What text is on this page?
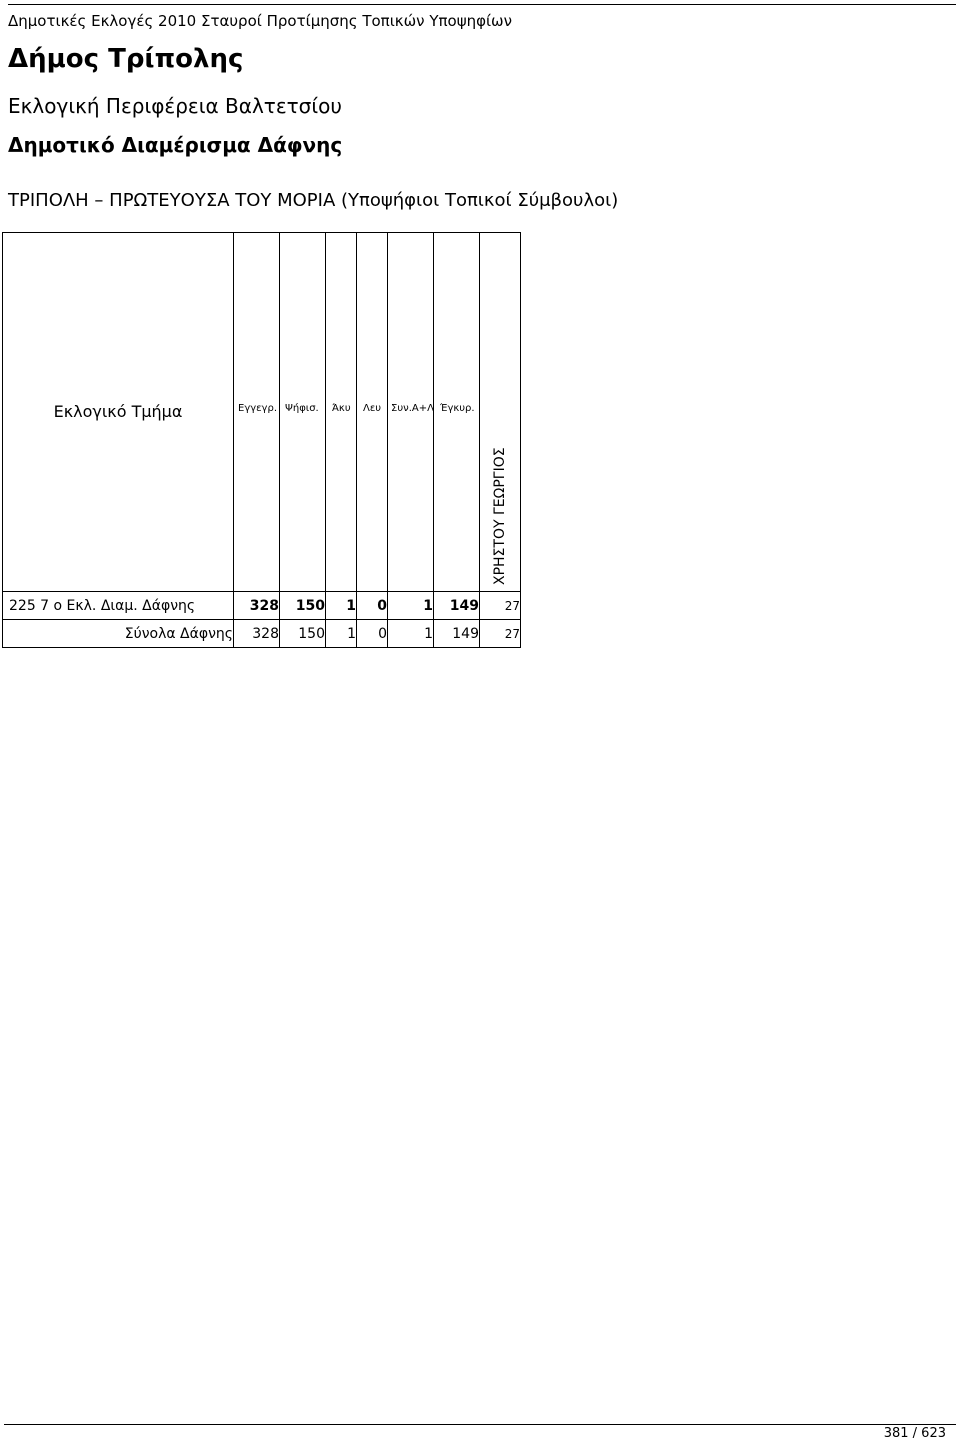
Δημοτικές Εκλογές 2010 Σταυροί Προτίμησης Τοπικών Υποψηφίων
Δήμος Τρίπολης
Εκλογική Περιφέρεια Βαλτετσίου
Δημοτικό Διαμέρισμα Δάφνης
ΤΡΙΠΟΛΗ – ΠΡΩΤΕΥΟΥΣΑ ΤΟΥ ΜΟΡΙΑ (Υποψήφιοι Τοπικοί Σύμβουλοι)
Εκλογικό Τμήμα	Εγγεγρ.	Ψήφισ.	Άκυ	Λευ	Συν.Α+Λ	Έγκυρ.	ΧΡΗΣΤΟΥ ΓΕΩΡΓΙΟΣ

225 7 ο Εκλ. Διαμ. Δάφνης	328	150	1	0	1	149	27
Σύνολα Δάφνης	328	150	1	0	1	149	27
381 / 623
